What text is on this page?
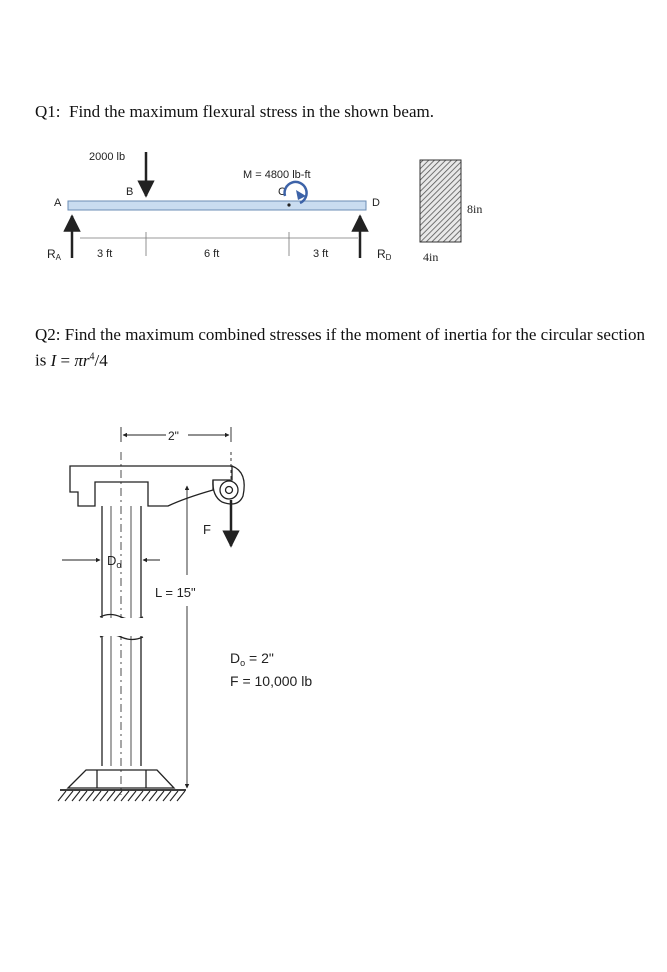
Q1: Find the maximum flexural stress in the shown beam.
Q2: Find the maximum combined stresses if the moment of inertia for the circular section is $I = \pi r^4/4$
2000 lb
B
A	D
M = 4800 lb-ft
C
RA	RD
3 ft	6 ft	3 ft
8in
4in
2"
F
L = 15"
$D_o$
$D_o = 2$"
F = 10,000 lb
